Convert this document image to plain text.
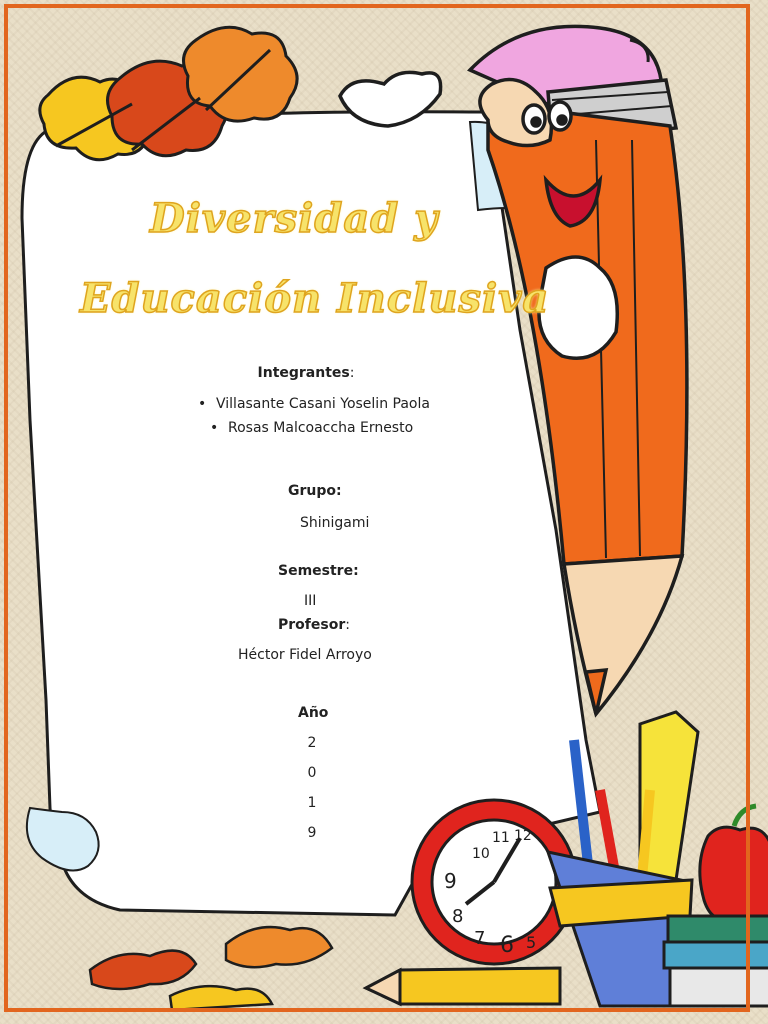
10
11 12
9
8
7 6 5
Diversidad y
Educación Inclusiva
Integrantes:
• Villasante Casani Yoselin Paola
• Rosas Malcoaccha Ernesto
Grupo:
Shinigami
Semestre:
III
Profesor:
Héctor Fidel Arroyo
Año
2
0
1
9
